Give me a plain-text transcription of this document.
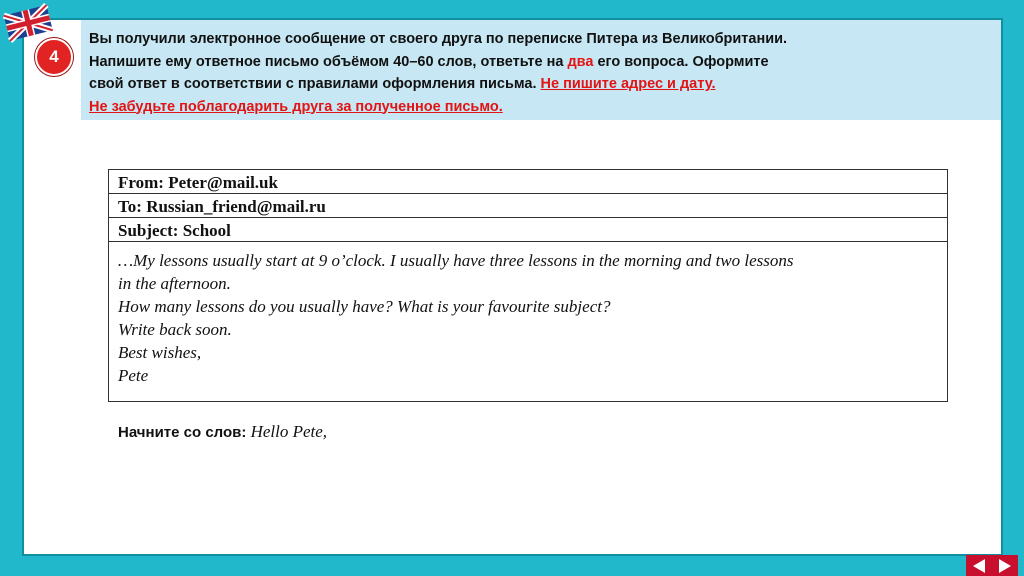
4
Вы получили электронное сообщение от своего друга по переписке Питера из Великобритании.
Напишите ему ответное письмо объёмом 40–60 слов, ответьте на два его вопроса. Оформите
свой ответ в соответствии с правилами оформления письма. Не пишите адрес и дату.
Не забудьте поблагодарить друга за полученное письмо.
From: Peter@mail.uk
To: Russian_friend@mail.ru
Subject: School

…My lessons usually start at 9 o’clock. I usually have three lessons in the morning and two lessons

in the afternoon.

How many lessons do you usually have? What is your favourite subject?

Write back soon.

Best wishes,

Pete

Начните со слов: Hello Pete,
